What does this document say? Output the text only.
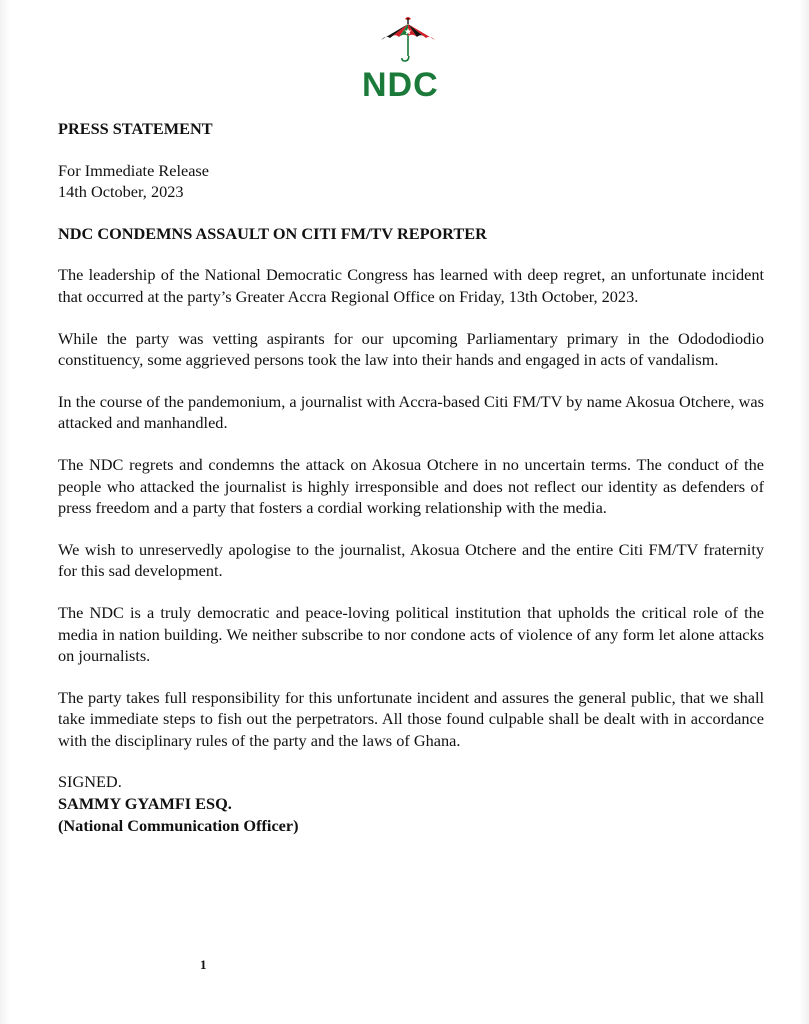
NDC

PRESS STATEMENT

For Immediate Release
14th October, 2023

NDC CONDEMNS ASSAULT ON CITI FM/TV REPORTER

The leadership of the National Democratic Congress has learned with deep regret, an unfortunate incident that occurred at the party’s Greater Accra Regional Office on Friday, 13th October, 2023.

While the party was vetting aspirants for our upcoming Parliamentary primary in the Odododiodio constituency, some aggrieved persons took the law into their hands and engaged in acts of vandalism.

In the course of the pandemonium, a journalist with Accra-based Citi FM/TV by name Akosua Otchere, was attacked and manhandled.

The NDC regrets and condemns the attack on Akosua Otchere in no uncertain terms. The conduct of the people who attacked the journalist is highly irresponsible and does not reflect our identity as defenders of press freedom and a party that fosters a cordial working relationship with the media.

We wish to unreservedly apologise to the journalist, Akosua Otchere and the entire Citi FM/TV fraternity for this sad development.

The NDC is a truly democratic and peace-loving political institution that upholds the critical role of the media in nation building. We neither subscribe to nor condone acts of violence of any form let alone attacks on journalists.

The party takes full responsibility for this unfortunate incident and assures the general public, that we shall take immediate steps to fish out the perpetrators. All those found culpable shall be dealt with in accordance with the disciplinary rules of the party and the laws of Ghana.

SIGNED.

SAMMY GYAMFI ESQ.

(National Communication Officer)

1
